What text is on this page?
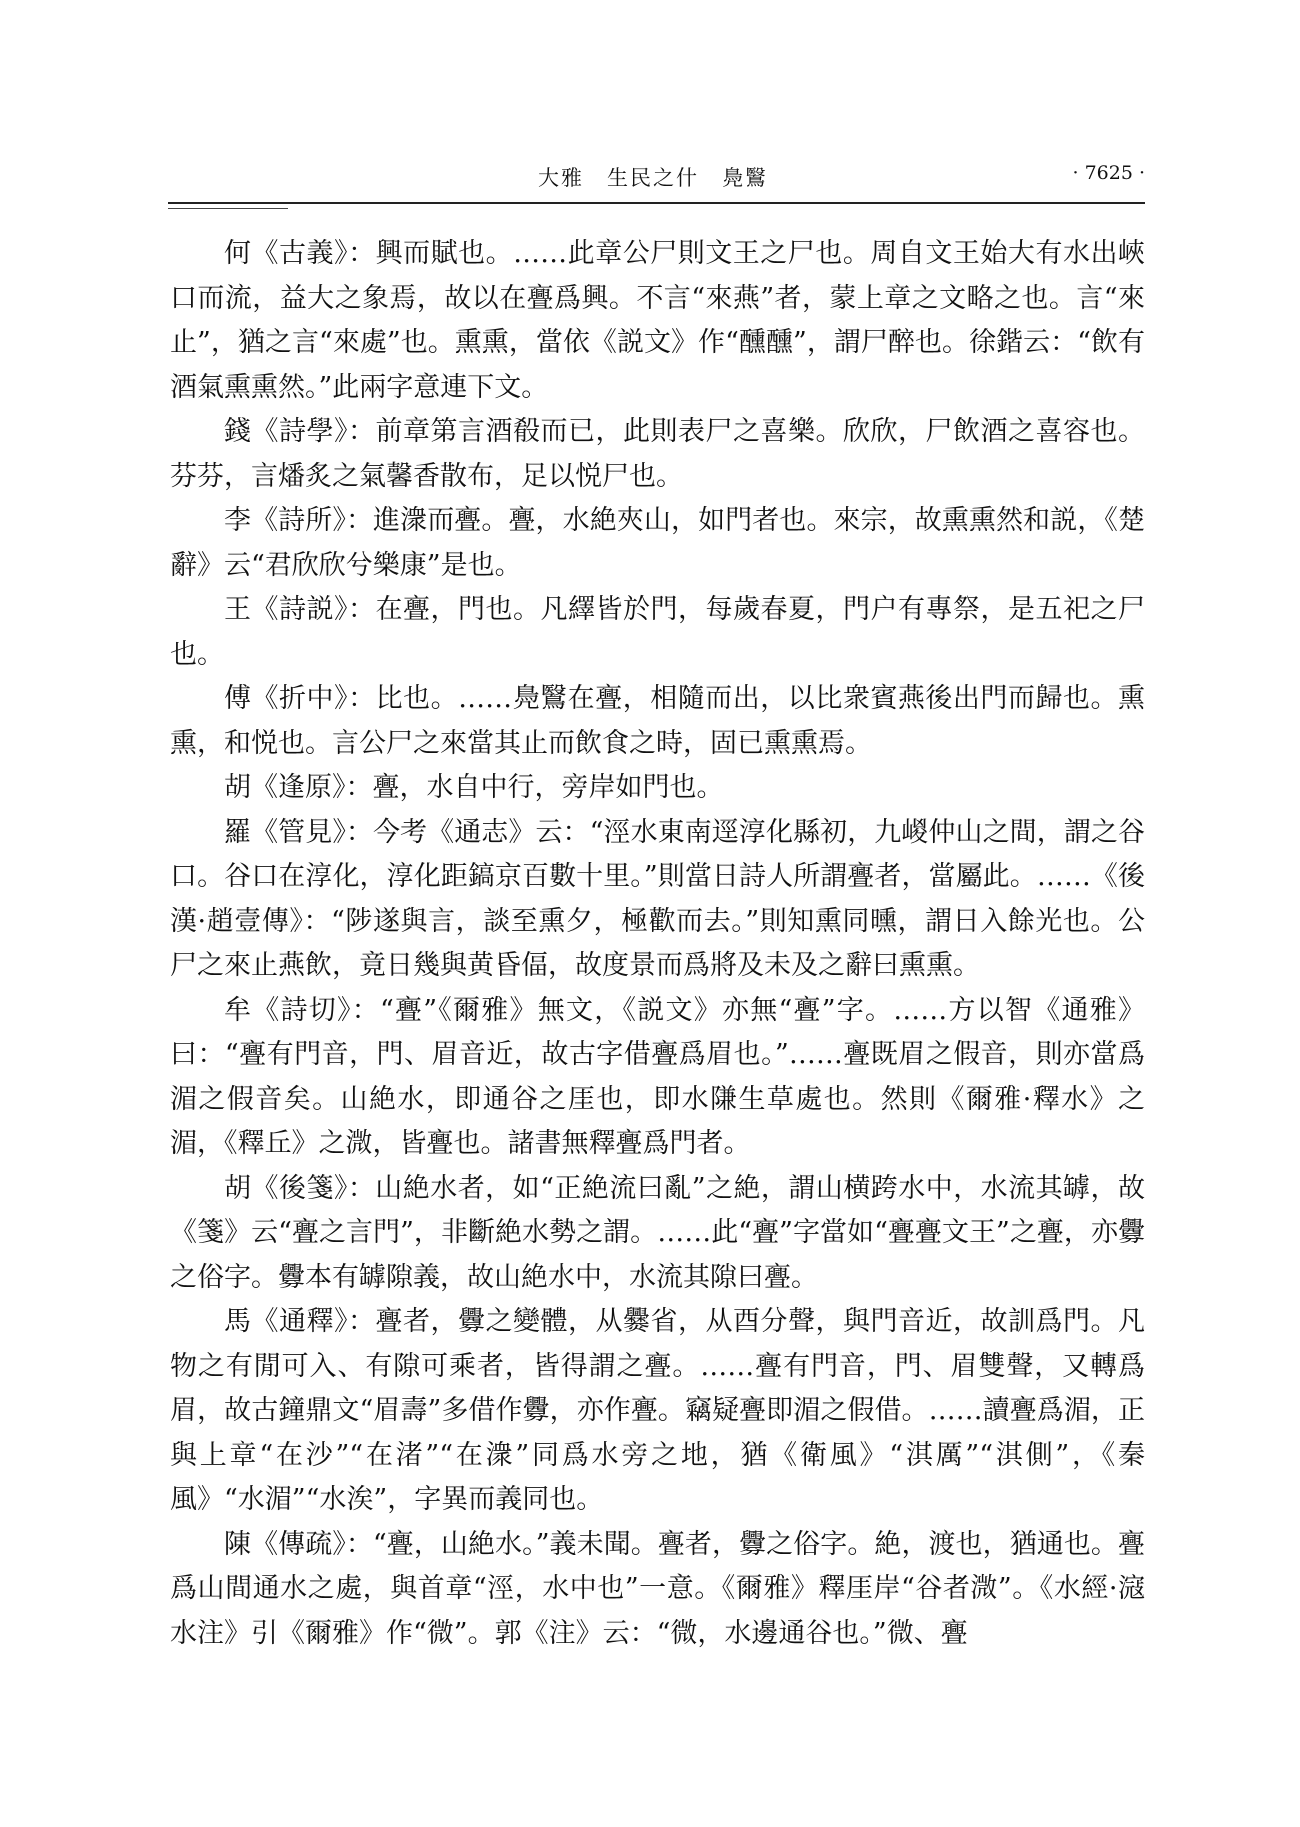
大雅　生民之什　鳧鷖	· 7625 ·

何《古義》：興而賦也。……此章公尸則文王之尸也。周自文王始大有水出峽口而流，益大之象焉，故以在亹爲興。不言“來燕”者，蒙上章之文略之也。言“來止”，猶之言“來處”也。熏熏，當依《説文》作“醺醺”，謂尸醉也。徐鍇云：“飲有酒氣熏熏然。”此兩字意連下文。

錢《詩學》：前章第言酒殽而已，此則表尸之喜樂。欣欣，尸飲酒之喜容也。芬芬，言燔炙之氣馨香散布，足以悦尸也。

李《詩所》：進潨而亹。亹，水絶夾山，如門者也。來宗，故熏熏然和説，《楚辭》云“君欣欣兮樂康”是也。

王《詩説》：在亹，門也。凡繹皆於門，每歲春夏，門户有專祭，是五祀之尸也。

傅《折中》：比也。……鳧鷖在亹，相隨而出，以比衆賓燕後出門而歸也。熏熏，和悦也。言公尸之來當其止而飲食之時，固已熏熏焉。

胡《逢原》：亹，水自中行，旁岸如門也。

羅《管見》：今考《通志》云：“涇水東南逕淳化縣初，九嵕仲山之間，謂之谷口。谷口在淳化，淳化距鎬京百數十里。”則當日詩人所謂亹者，當屬此。……《後漢·趙壹傳》：“陟遂與言，談至熏夕，極歡而去。”則知熏同曛，謂日入餘光也。公尸之來止燕飲，竟日幾與黄昏偪，故度景而爲將及未及之辭曰熏熏。

牟《詩切》：“亹”《爾雅》無文，《説文》亦無“亹”字。……方以智《通雅》曰：“亹有門音，門、眉音近，故古字借亹爲眉也。”……亹既眉之假音，則亦當爲湄之假音矣。山絶水，即通谷之厓也，即水隒生草處也。然則《爾雅·釋水》之湄，《釋丘》之溦，皆亹也。諸書無釋亹爲門者。

胡《後箋》：山絶水者，如“正絶流曰亂”之絶，謂山横跨水中，水流其罅，故《箋》云“亹之言門”，非斷絶水勢之謂。……此“亹”字當如“亹亹文王”之亹，亦釁之俗字。釁本有罅隙義，故山絶水中，水流其隙曰亹。

馬《通釋》：亹者，釁之變體，从爨省，从酉分聲，與門音近，故訓爲門。凡物之有閒可入、有隙可乘者，皆得謂之亹。……亹有門音，門、眉雙聲，又轉爲眉，故古鐘鼎文“眉壽”多借作釁，亦作亹。竊疑亹即湄之假借。……讀亹爲湄，正與上章“在沙”“在渚”“在潨”同爲水旁之地，猶《衛風》“淇厲”“淇側”，《秦風》“水湄”“水涘”，字異而義同也。

陳《傳疏》：“亹，山絶水。”義未聞。亹者，釁之俗字。絶，渡也，猶通也。亹爲山間通水之處，與首章“涇，水中也”一意。《爾雅》釋厓岸“谷者溦”。《水經·滱水注》引《爾雅》作“微”。郭《注》云：“微，水邊通谷也。”微、亹
